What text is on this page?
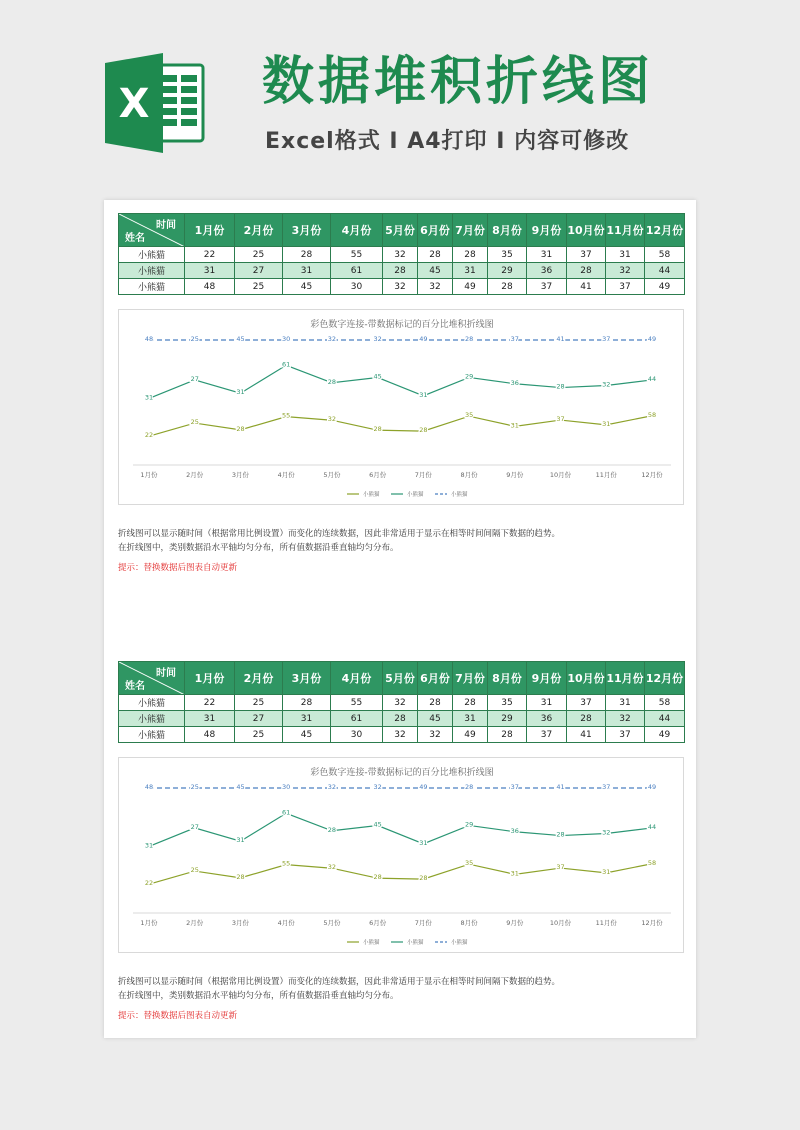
X 数据堆积折线图
Excel格式 I A4打印 I 内容可修改
时间
姓名	1月份	2月份	3月份	4月份	5月份	6月份	7月份	8月份	9月份	10月份	11月份	12月份
小熊猫	22	25	28	55	32	28	28	35	31	37	31	58
小熊猫	31	27	31	61	28	45	31	29	36	28	32	44
小熊猫	48	25	45	30	32	32	49	28	37	41	37	49
彩色数字连接-带数据标记的百分比堆积折线图
22
25
28
55	32
28	28
35
31
37
31
58
31
27
31
61
28
45
31
29
36	28	32
44
48	25	45	30	32	32	49	28	37	41	37	49
1月份	2月份	3月份	4月份	5月份	6月份	7月份	8月份	9月份	10月份	11月份	12月份
小熊猫	小熊猫	小熊猫
折线图可以显示随时间（根据常用比例设置）而变化的连续数据，因此非常适用于显示在相等时间间隔下数据的趋势。
在折线图中，类别数据沿水平轴均匀分布，所有值数据沿垂直轴均匀分布。
提示：替换数据后图表自动更新
时间
姓名	1月份	2月份	3月份	4月份	5月份	6月份	7月份	8月份	9月份	10月份	11月份	12月份
小熊猫	22	25	28	55	32	28	28	35	31	37	31	58
小熊猫	31	27	31	61	28	45	31	29	36	28	32	44
小熊猫	48	25	45	30	32	32	49	28	37	41	37	49
彩色数字连接-带数据标记的百分比堆积折线图
22
25
28
55	32
28	28
35
31
37
31
58
31
27
31
61
28
45
31
29
36	28	32
44
48	25	45	30	32	32	49	28	37	41	37	49
1月份	2月份	3月份	4月份	5月份	6月份	7月份	8月份	9月份	10月份	11月份	12月份
小熊猫	小熊猫	小熊猫
折线图可以显示随时间（根据常用比例设置）而变化的连续数据，因此非常适用于显示在相等时间间隔下数据的趋势。
在折线图中，类别数据沿水平轴均匀分布，所有值数据沿垂直轴均匀分布。
提示：替换数据后图表自动更新
